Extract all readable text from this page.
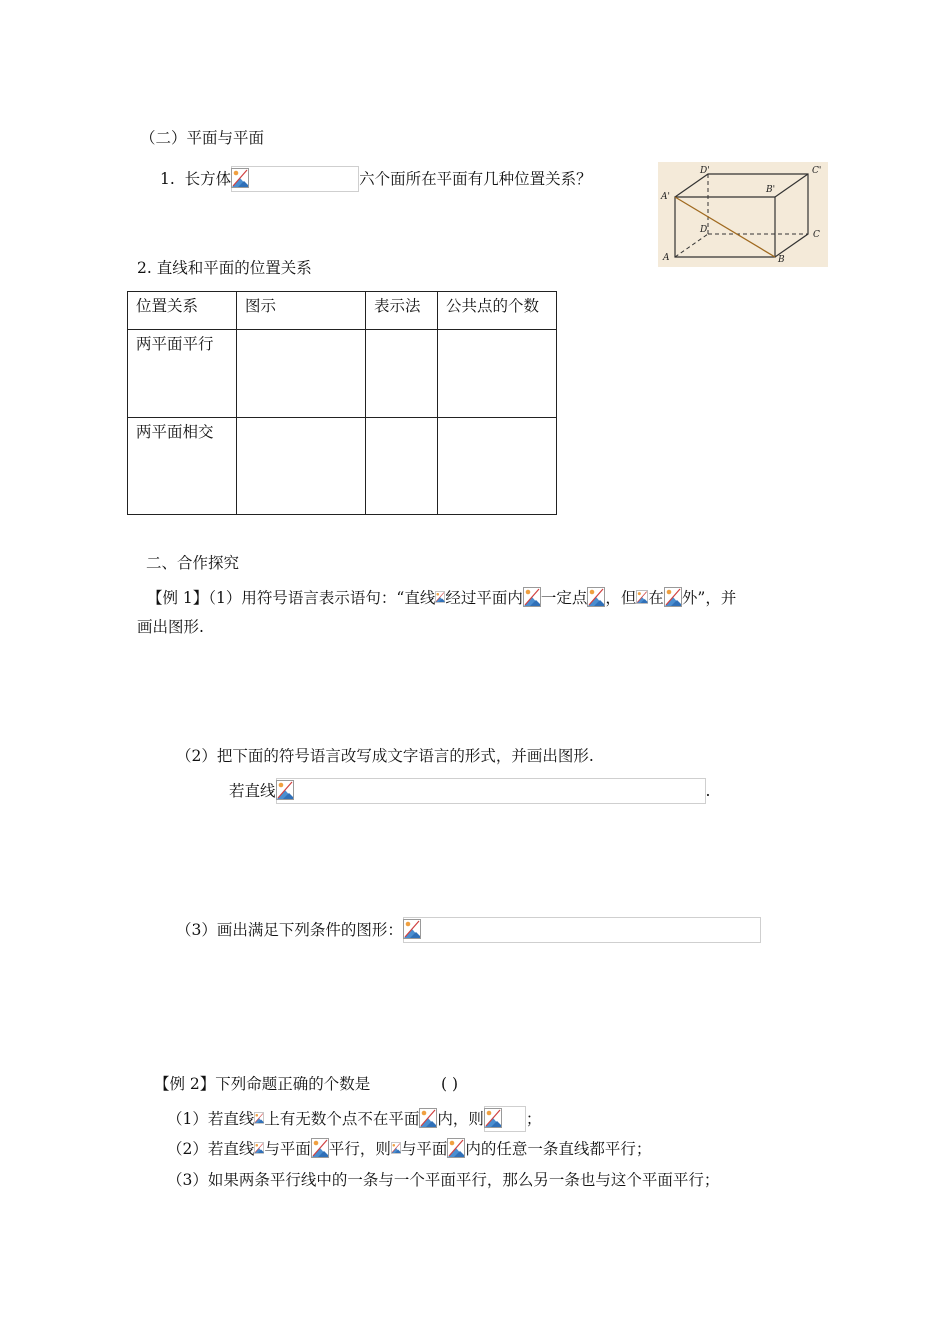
（二）平面与平面
1. 长方体	六个面所在平面有几种位置关系？	D'	C'
A'
B'
D	C
A	B
2. 直线和平面的位置关系
位置关系	图示	表示法	公共点的个数
两平面平行			
两平面相交			
二、合作探究
【例 1】（1）用符号语言表示语句：“直线 经过平面内 一定点 ，但 在 外”，并
画出图形.
（2）把下面的符号语言改写成文字语言的形式，并画出图形.
若直线	.
（3）画出满足下列条件的图形：
【例 2】下列命题正确的个数是	( )
（1）若直线 上有无数个点不在平面 内，则	；
（2）若直线 与平面 平行，则 与平面 内的任意一条直线都平行；
（3）如果两条平行线中的一条与一个平面平行，那么另一条也与这个平面平行；
